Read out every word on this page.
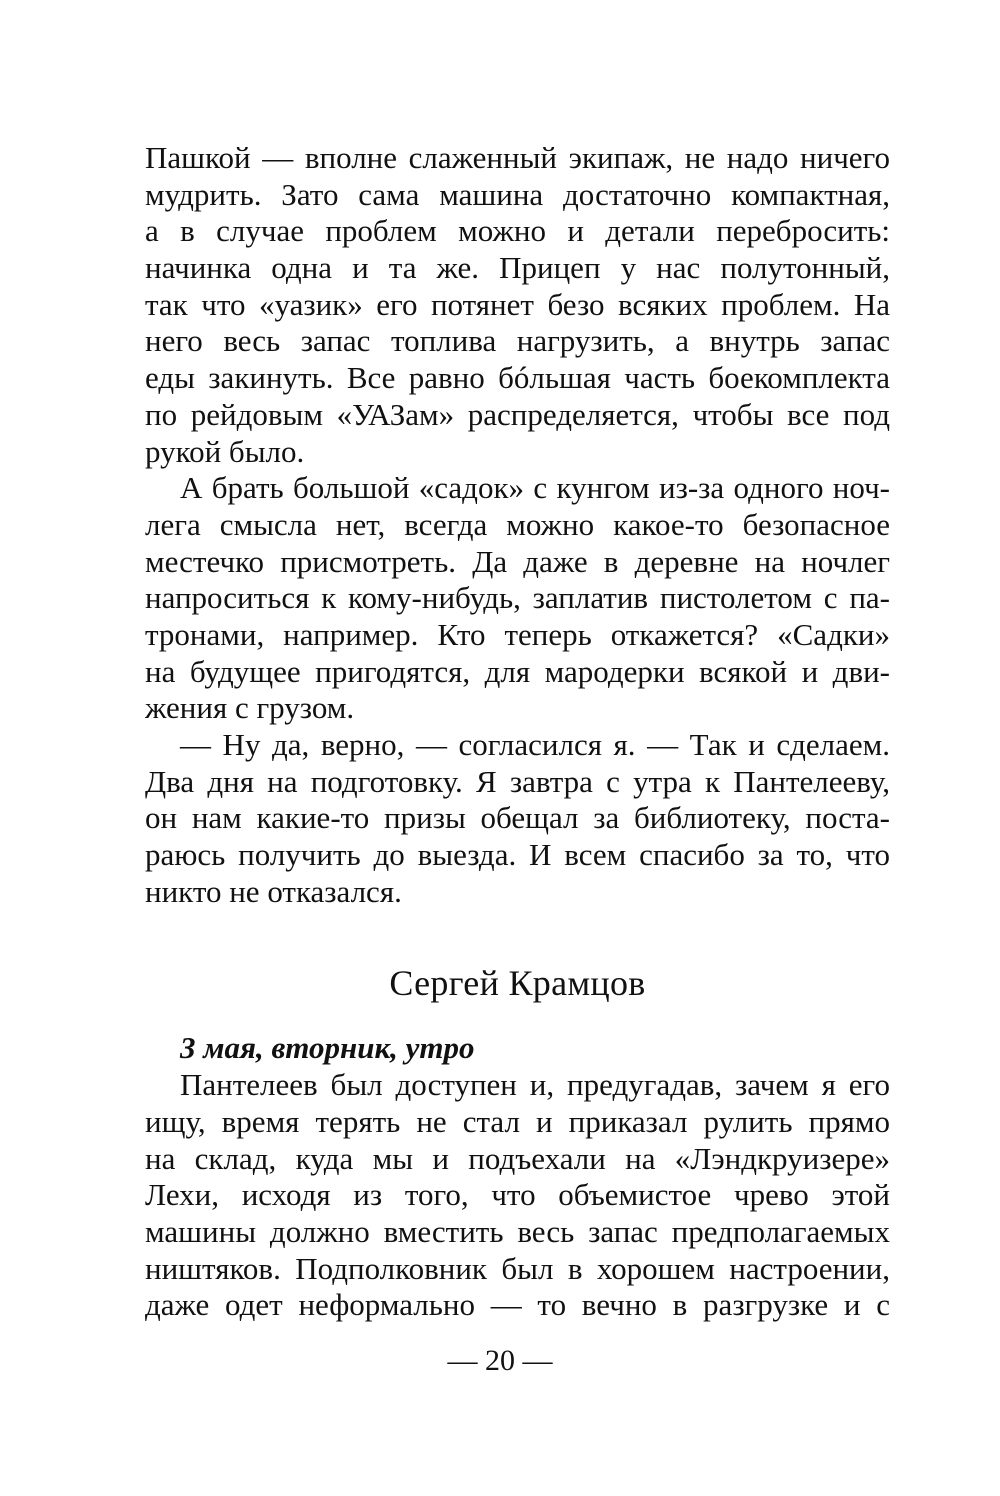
Пашкой — вполне слаженный экипаж, не надо ничего
мудрить. Зато сама машина достаточно компактная,
а в случае проблем можно и детали перебросить:
начинка одна и та же. Прицеп у нас полутонный,
так что «уазик» его потянет безо всяких проблем. На
него весь запас топлива нагрузить, а внутрь запас
еды закинуть. Все равно бóльшая часть боекомплекта
по рейдовым «УАЗам» распределяется, чтобы все под
рукой было.
А брать большой «садок» с кунгом из-за одного ноч-
лега смысла нет, всегда можно какое-то безопасное
местечко присмотреть. Да даже в деревне на ночлег
напроситься к кому-нибудь, заплатив пистолетом с па-
тронами, например. Кто теперь откажется? «Садки»
на будущее пригодятся, для мародерки всякой и дви-
жения с грузом.
— Ну да, верно, — согласился я. — Так и сделаем.
Два дня на подготовку. Я завтра с утра к Пантелееву,
он нам какие-то призы обещал за библиотеку, поста-
раюсь получить до выезда. И всем спасибо за то, что
никто не отказался.
Сергей Крамцов
3 мая, вторник, утро
Пантелеев был доступен и, предугадав, зачем я его
ищу, время терять не стал и приказал рулить прямо
на склад, куда мы и подъехали на «Лэндкруизере»
Лехи, исходя из того, что объемистое чрево этой
машины должно вместить весь запас предполагаемых
ништяков. Подполковник был в хорошем настроении,
даже одет неформально — то вечно в разгрузке и с
— 20 —
